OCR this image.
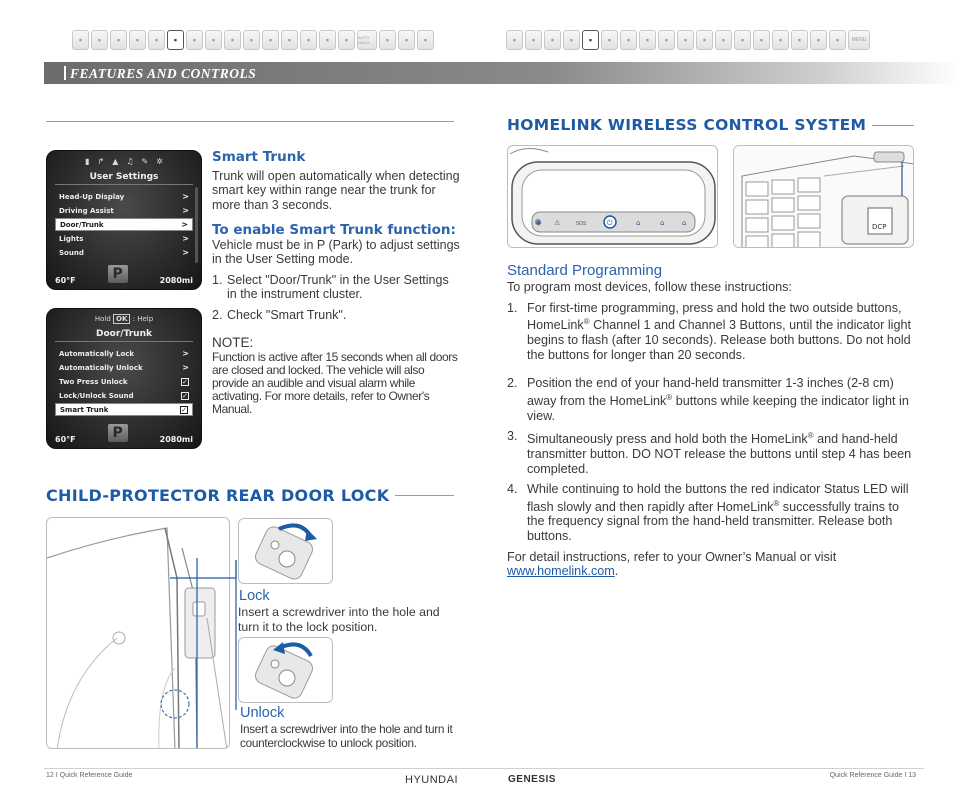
▪	▪	▪	▪	▪	▪	▪	▪	▪	▪	▪	▪	▪	▪	▪	AUTO HOLD	▪	▪	▪	▪	▪	▪	▪	▪	▪	▪	▪	▪	▪	▪	▪	▪	▪	▪	▪	▪	▪	MENU
FEATURES AND CONTROLS
▮ ↱ ▲ ♫ ✎ ✲
User Settings
Head-Up Display	>
Driving Assist	>
Door/Trunk	>
Lights	>
Sound	>
60°F	P	2080mi
Hold OK : Help
Door/Trunk
Automatically Lock	>
Automatically Unlock	>
Two Press Unlock	✓
Lock/Unlock Sound	✓
Smart Trunk	✓
60°F	P	2080mi
Smart Trunk
Trunk will open automatically when detecting smart key within range near the trunk for more than 3 seconds.
To enable Smart Trunk function:
Vehicle must be in P (Park) to adjust settings in the User Setting mode.
1. Select "Door/Trunk" in the User Settings in the instrument cluster.
2. Check "Smart Trunk".
NOTE:
Function is active after 15 seconds when all doors are closed and locked. The vehicle will also provide an audible and visual alarm while activating. For more details, refer to Owner's Manual.
CHILD-PROTECTOR REAR DOOR LOCK
Lock
Insert a screwdriver into the hole and turn it to the lock position.
Unlock
Insert a screwdriver into the hole and turn it counterclockwise to unlock position.
HOMELINK WIRELESS CONTROL SYSTEM
◈ ⚠	⌂	⌂	⌂
SOS	⏻	DCP
Standard Programming
To program most devices, follow these instructions:
1. For first-time programming, press and hold the two outside buttons, HomeLink® Channel 1 and Channel 3 Buttons, until the indicator light begins to flash (after 10 seconds). Release both buttons. Do not hold the buttons for longer than 20 seconds.
2. Position the end of your hand-held transmitter 1-3 inches (2-8 cm) away from the HomeLink® buttons while keeping the indicator light in view.
3. Simultaneously press and hold both the HomeLink® and hand-held transmitter button. DO NOT release the buttons until step 4 has been completed.
4. While continuing to hold the buttons the red indicator Status LED will flash slowly and then rapidly after HomeLink® successfully trains to the frequency signal from the hand-held transmitter. Release both buttons.
For detail instructions, refer to your Owner’s Manual or visit
www.homelink.com.
12 I Quick Reference Guide	Quick Reference Guide I 13
HYUNDAI	GENESIS
